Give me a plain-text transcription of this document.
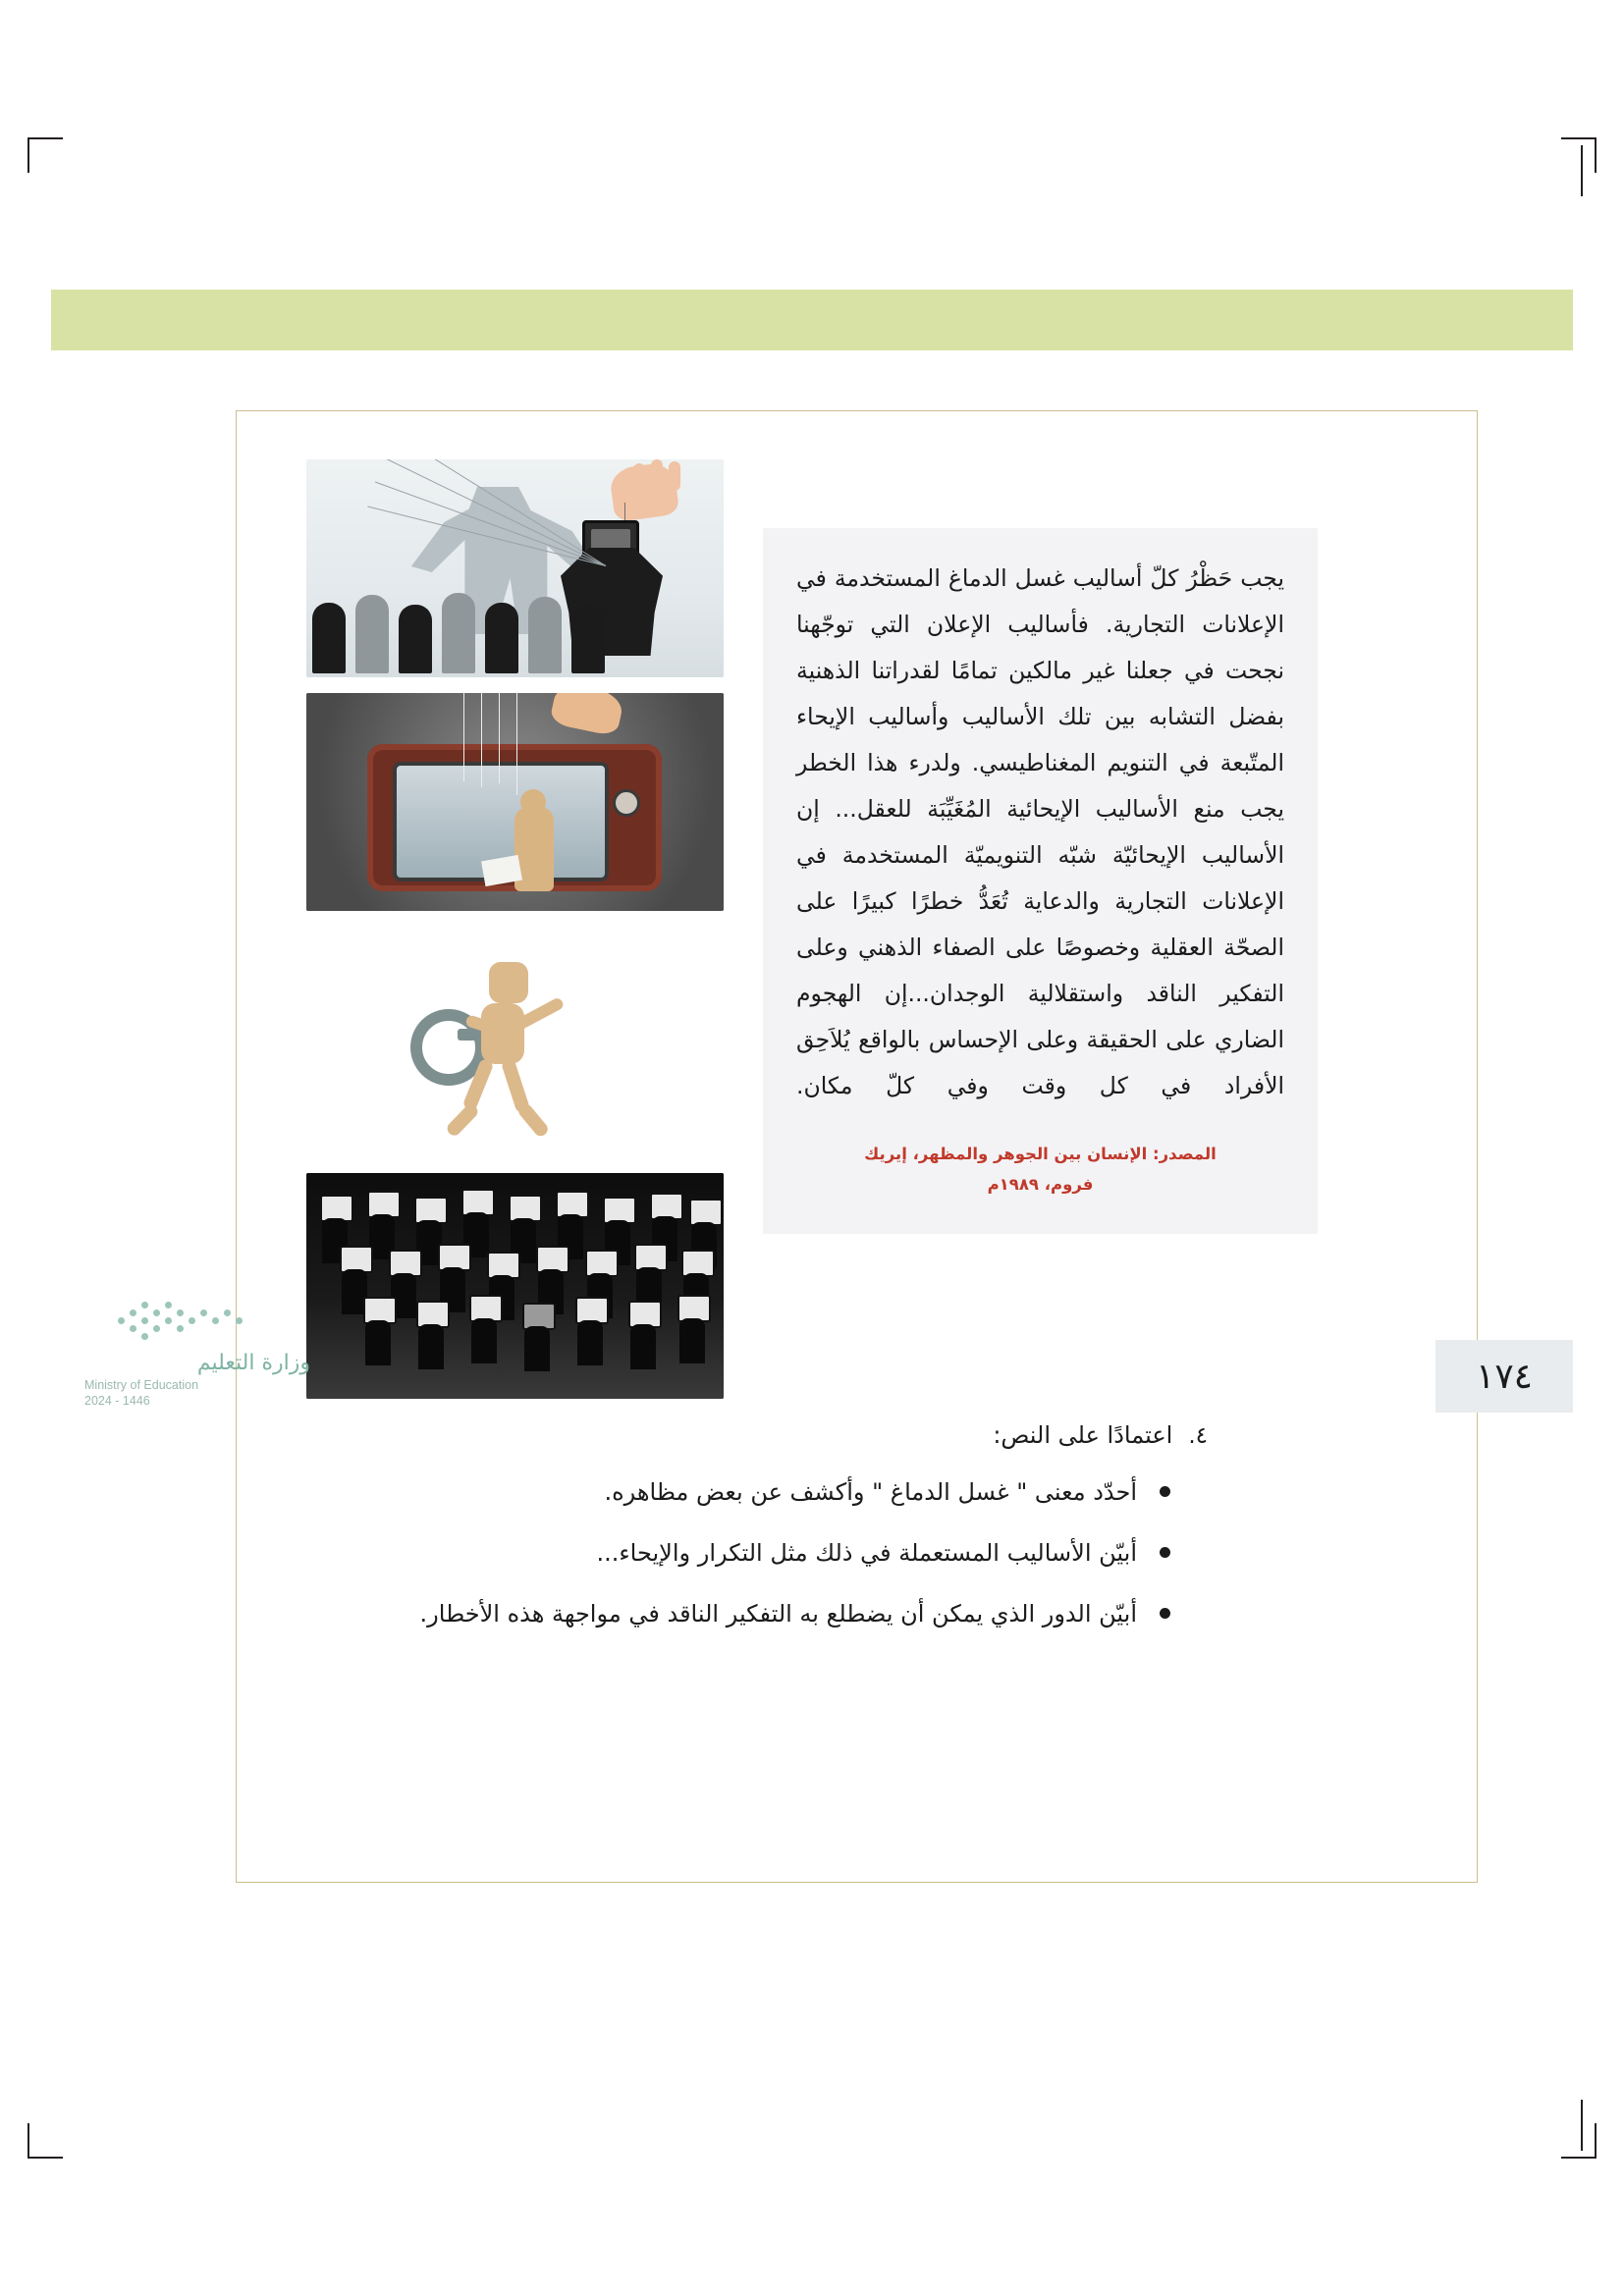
يجب حَظْرُ كلّ أساليب غسل الدماغ المستخدمة في الإعلانات التجارية. فأساليب الإعلان التي توجّهنا نجحت في جعلنا غير مالكين تمامًا لقدراتنا الذهنية بفضل التشابه بين تلك الأساليب وأساليب الإيحاء المتّبعة في التنويم المغناطيسي. ولدرء هذا الخطر يجب منع الأساليب الإيحائية المُغَيِّبَة للعقل... إن الأساليب الإيحائيّة شبّه التنويميّة المستخدمة في الإعلانات التجارية والدعاية تُعَدُّ خطرًا كبيرًا على الصحّة العقلية وخصوصًا على الصفاء الذهني وعلى التفكير الناقد واستقلالية الوجدان...إن الهجوم الضاري على الحقيقة وعلى الإحساس بالواقع يُلاَحِق الأفراد في كل وقت وفي كلّ مكان.

المصدر: الإنسان بين الجوهر والمظهر، إيريك
فروم، ١٩٨٩م
٤.
اعتمادًا على النص:
أحدّد معنى " غسل الدماغ " وأكشف عن بعض مظاهره.
أبيّن الأساليب المستعملة في ذلك مثل التكرار والإيحاء...
أبيّن الدور الذي يمكن أن يضطلع به التفكير الناقد في مواجهة هذه الأخطار.
وزارة التعليم
Ministry of Education
2024 - 1446
١٧٤
